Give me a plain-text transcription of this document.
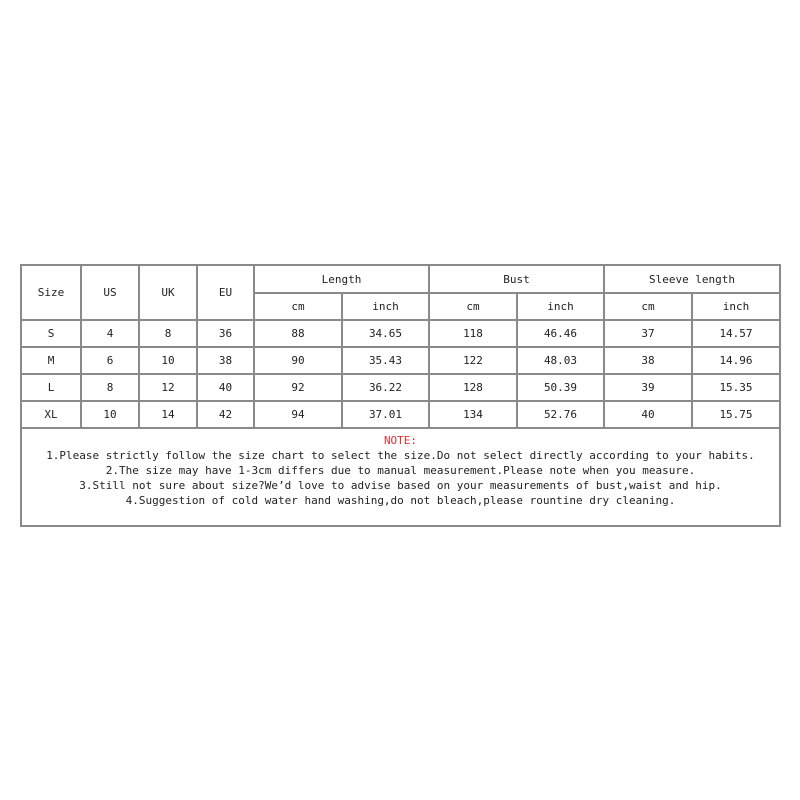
Size	US	UK	EU	Length		Bust		Sleeve length	
				cm	inch	cm	inch	cm	inch
S	4	8	36	88	34.65	118	46.46	37	14.57
M	6	10	38	90	35.43	122	48.03	38	14.96
L	8	12	40	92	36.22	128	50.39	39	15.35
XL	10	14	42	94	37.01	134	52.76	40	15.75

NOTE:
1.Please strictly follow the size chart to select the size.Do not select directly according to your habits.
2.The size may have 1-3cm differs due to manual measurement.Please note when you measure.
3.Still not sure about size?We’d love to advise based on your measurements of bust,waist and hip.
4.Suggestion of cold water hand washing,do not bleach,please rountine dry cleaning.									
